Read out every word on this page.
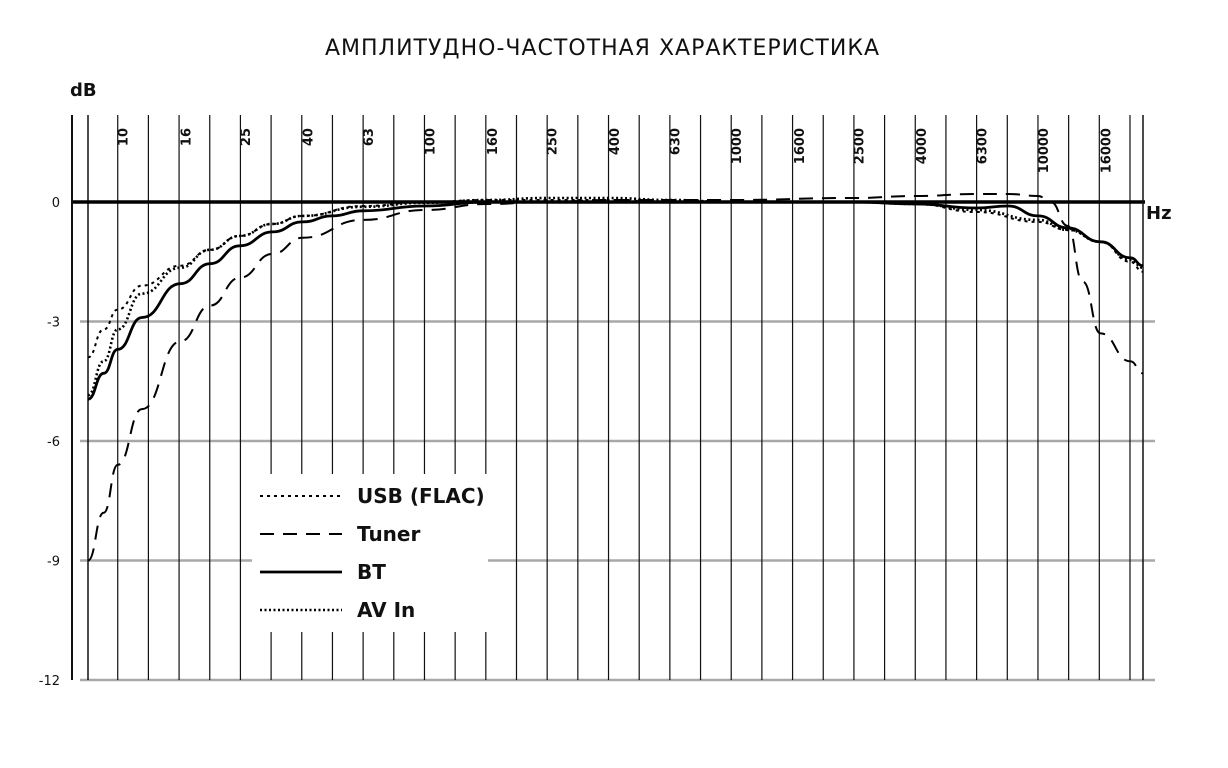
АМПЛИТУДНО-ЧАСТОТНАЯ ХАРАКТЕРИСТИКА
0
-3
-6
-9
-12
10	16	25	40	63	100	160	250	400	630	1000	1600	2500	4000	6300	10000	16000
USB (FLAC)
Tuner
BT
AV In
dB
Hz
